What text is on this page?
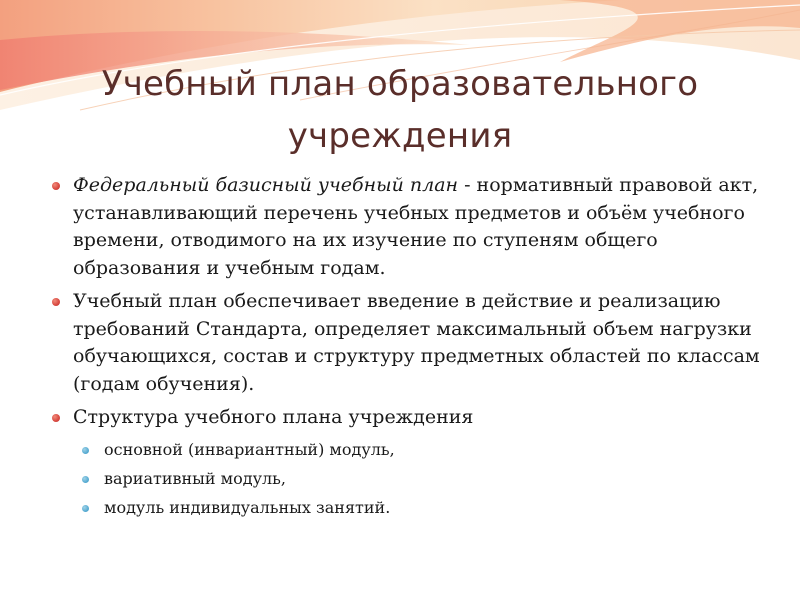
Учебный план образовательного учреждения
Федеральный базисный учебный план - нормативный правовой акт, устанавливающий перечень учебных предметов и объём учебного времени, отводимого на их изучение по ступеням общего образования и учебным годам.
Учебный план обеспечивает введение в действие и реализацию требований Стандарта, определяет максимальный объем нагрузки обучающихся, состав и структуру предметных областей по классам (годам обучения).
Структура учебного плана учреждения
основной (инвариантный) модуль,
вариативный модуль,
модуль индивидуальных занятий.
